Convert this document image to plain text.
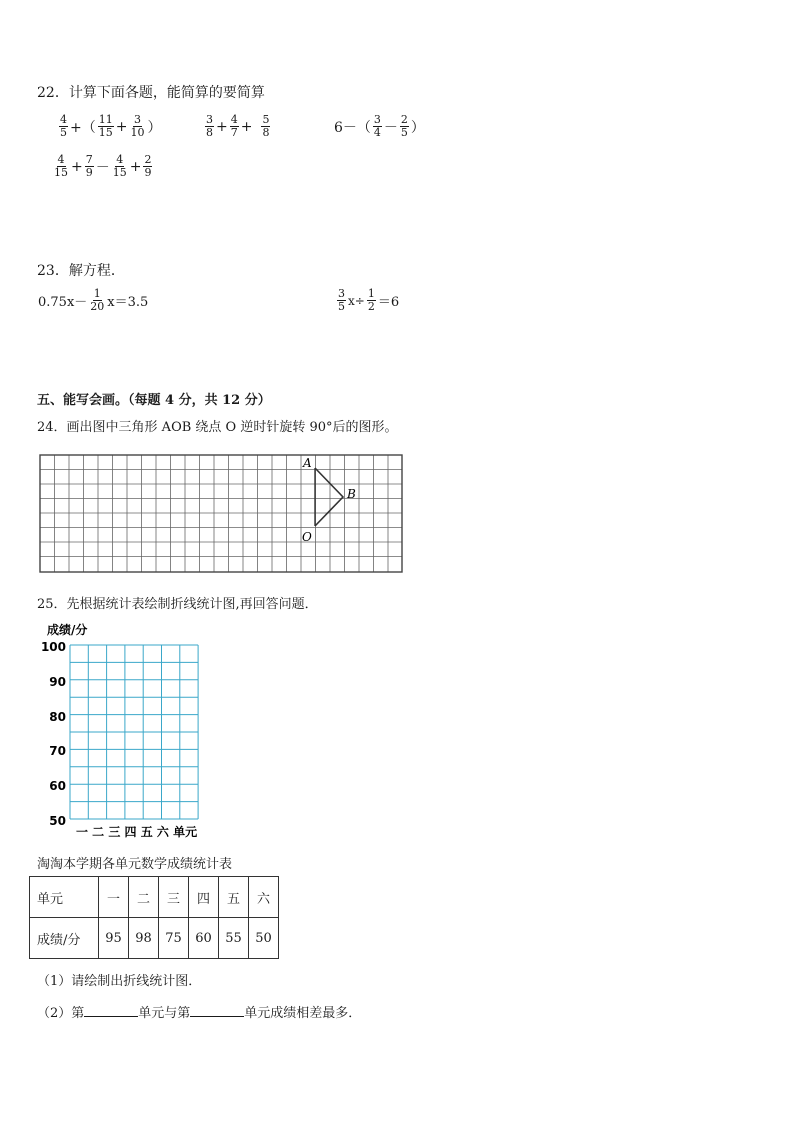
22．计算下面各题，能简算的要简算
$\frac{4}{5}$ +（ $\frac{11}{15} + \frac{3}{10}$ ）	$\frac{3}{8} + \frac{4}{7} + \frac{5}{8}$	$6-( \frac{3}{4} - \frac{2}{5}$ ）
$\frac{4}{15} + \frac{7}{9} - \frac{4}{15} + \frac{2}{9}$
23．解方程．
$0.75x- \frac{1}{20} x=3.5$	$\frac{3}{5} x\div \frac{1}{2} =6$
五、能写会画。（每题 4 分，共 12 分）
24．画出图中三角形 AOB 绕点 O 逆时针旋转 90°后的图形。
A
B
O
25．先根据统计表绘制折线统计图,再回答问题．
成绩/分
100
90
80
70
60
50
一 二 三 四 五 六 单元
淘淘本学期各单元数学成绩统计表
单元	一	二	三	四	五	六
成绩/分	95	98	75	60	55	50
（1）请绘制出折线统计图．
（2）第	单元与第	单元成绩相差最多．
